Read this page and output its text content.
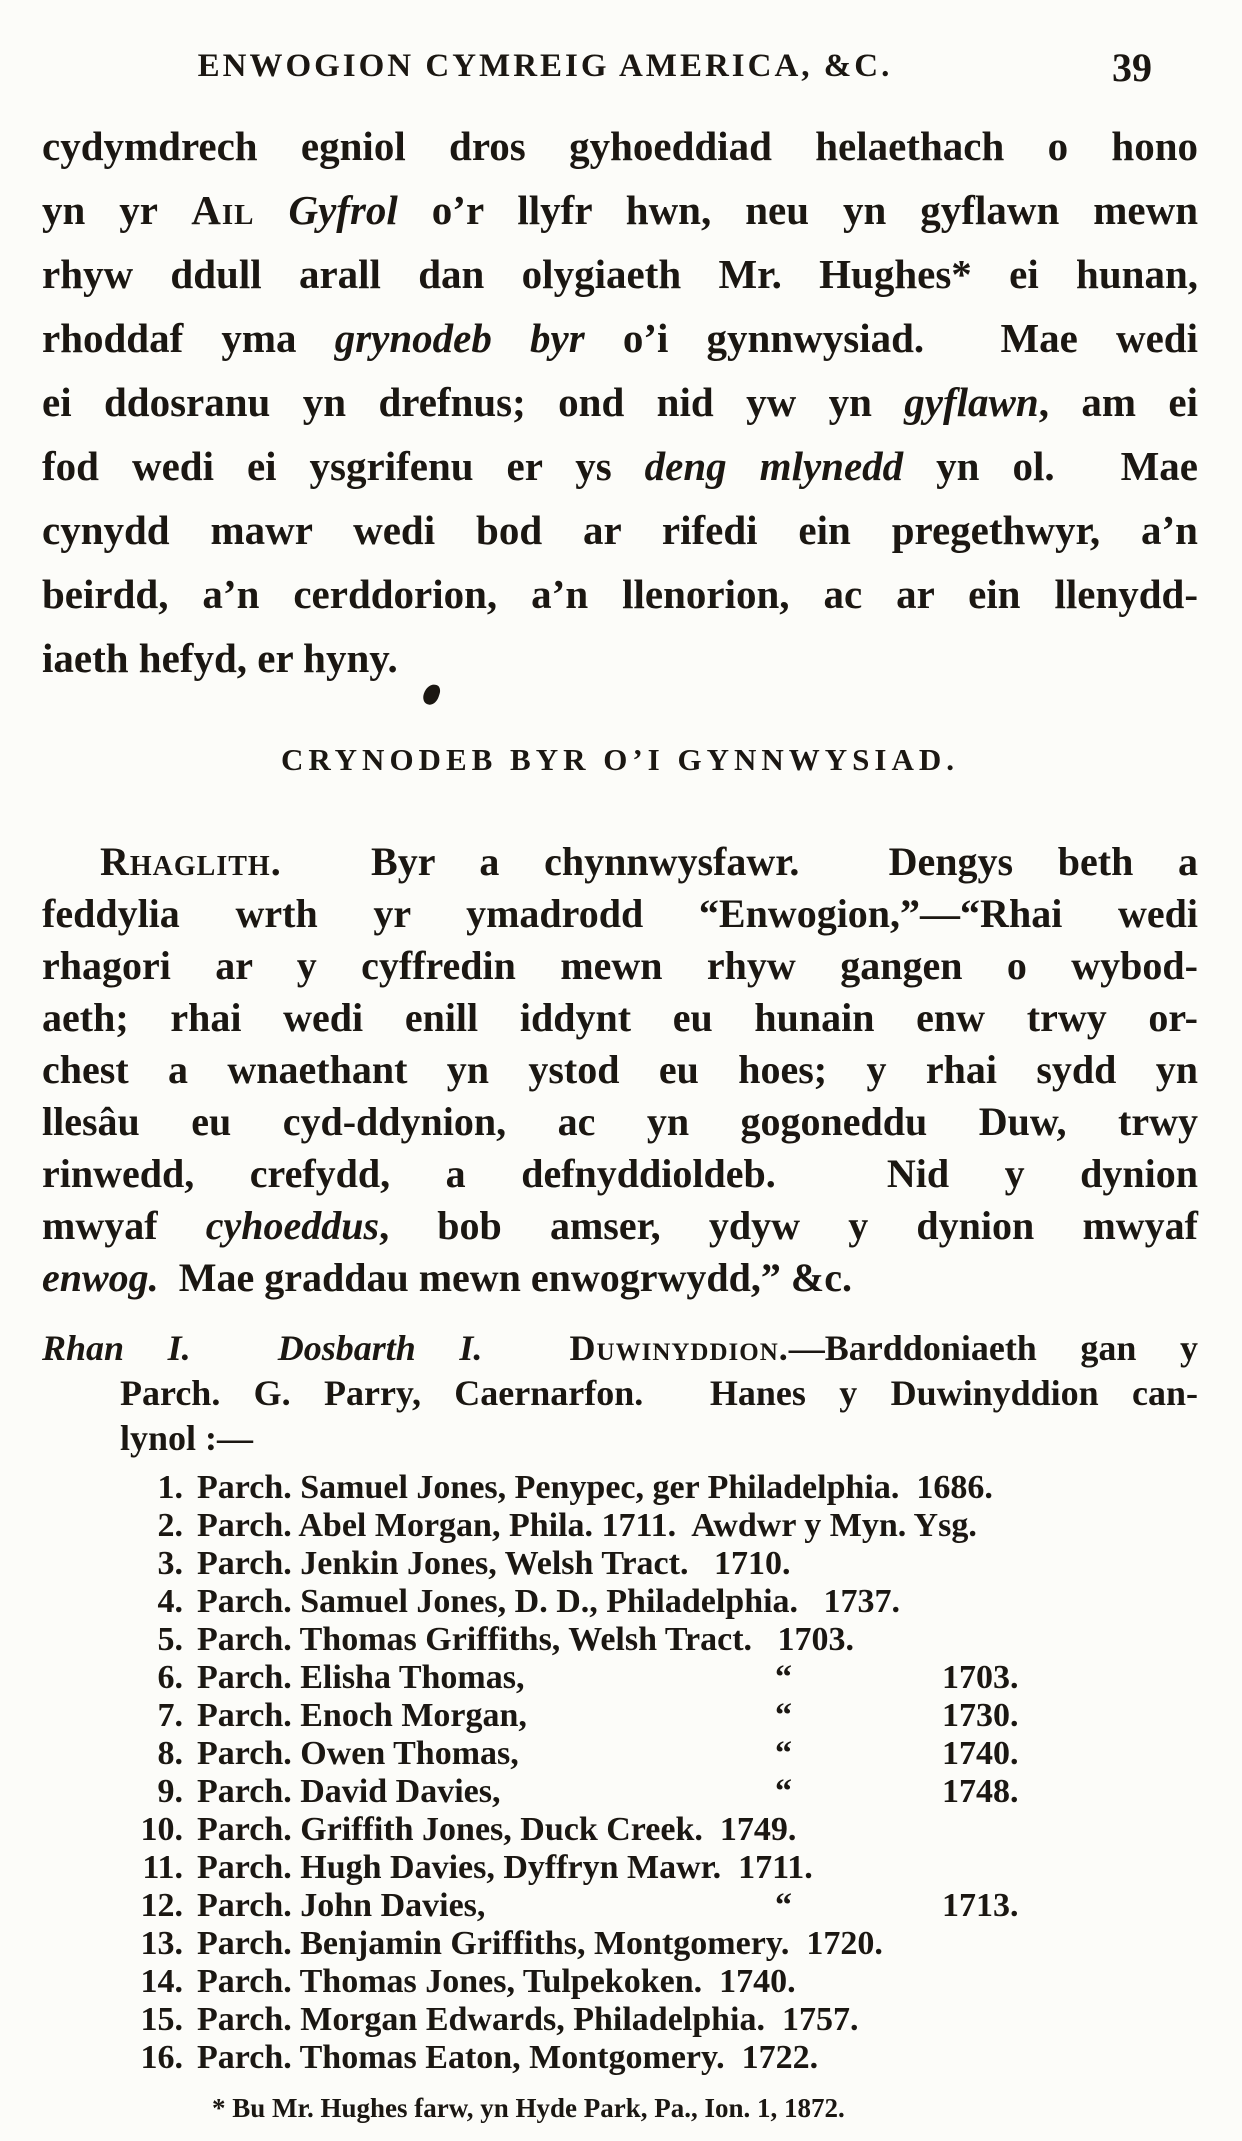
ENWOGION CYMREIG AMERICA, &C.	39
cydymdrech egniol dros gyhoeddiad helaethach o hono
yn yr Ail Gyfrol o’r llyfr hwn, neu yn gyflawn mewn
rhyw ddull arall dan olygiaeth Mr. Hughes* ei hunan,
rhoddaf yma grynodeb byr o’i gynnwysiad.  Mae wedi
ei ddosranu yn drefnus; ond nid yw yn gyflawn, am ei
fod wedi ei ysgrifenu er ys deng mlynedd yn ol.  Mae
cynydd mawr wedi bod ar rifedi ein pregethwyr, a’n
beirdd, a’n cerddorion, a’n llenorion, ac ar ein llenydd-
iaeth hefyd, er hyny.
CRYNODEB BYR O’I GYNNWYSIAD.
Rhaglith.  Byr a chynnwysfawr.  Dengys beth a
feddylia wrth yr ymadrodd “Enwogion,”—“Rhai wedi
rhagori ar y cyffredin mewn rhyw gangen o wybod-
aeth; rhai wedi enill iddynt eu hunain enw trwy or-
chest a wnaethant yn ystod eu hoes; y rhai sydd yn
llesâu eu cyd-ddynion, ac yn gogoneddu Duw, trwy
rinwedd, crefydd, a defnyddioldeb.  Nid y dynion
mwyaf cyhoeddus, bob amser, ydyw y dynion mwyaf
enwog.  Mae graddau mewn enwogrwydd,” &c.
Rhan I. Dosbarth I. Duwinyddion.—Barddoniaeth gan y
Parch. G. Parry, Caernarfon.  Hanes y Duwinyddion can-
lynol :—
1. Parch. Samuel Jones, Penypec, ger Philadelphia.  1686.
2. Parch. Abel Morgan, Phila. 1711.  Awdwr y Myn. Ysg.
3. Parch. Jenkin Jones, Welsh Tract.   1710.
4. Parch. Samuel Jones, D. D., Philadelphia.   1737.
5. Parch. Thomas Griffiths, Welsh Tract.   1703.
6. Parch. Elisha Thomas,	“	1703.
7. Parch. Enoch Morgan,	“	1730.
8. Parch. Owen Thomas,	“	1740.
9. Parch. David Davies,	“	1748.
10. Parch. Griffith Jones, Duck Creek.  1749.
11. Parch. Hugh Davies, Dyffryn Mawr.  1711.
12. Parch. John Davies,	“	1713.
13. Parch. Benjamin Griffiths, Montgomery.  1720.
14. Parch. Thomas Jones, Tulpekoken.  1740.
15. Parch. Morgan Edwards, Philadelphia.  1757.
16. Parch. Thomas Eaton, Montgomery.  1722.
* Bu Mr. Hughes farw, yn Hyde Park, Pa., Ion. 1, 1872.
